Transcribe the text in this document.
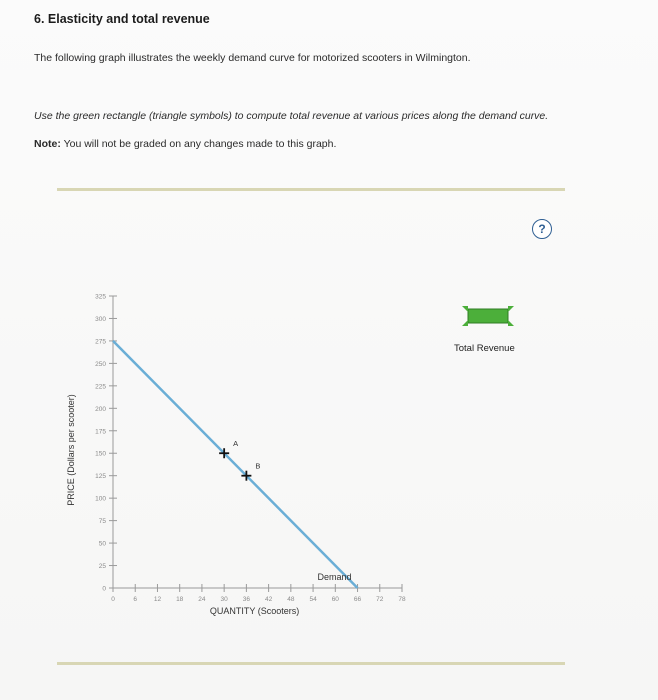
6. Elasticity and total revenue
The following graph illustrates the weekly demand curve for motorized scooters in Wilmington.
Use the green rectangle (triangle symbols) to compute total revenue at various prices along the demand curve.
Note: You will not be graded on any changes made to this graph.
?
Total Revenue
0
25
50
75
100
125
150
175
200
225
250
275
300
325
0	6	12 18 24 30 36 42 48 54 60 66 72 78
Demand
A
B
PRICE (Dollars per scooter)
QUANTITY (Scooters)
